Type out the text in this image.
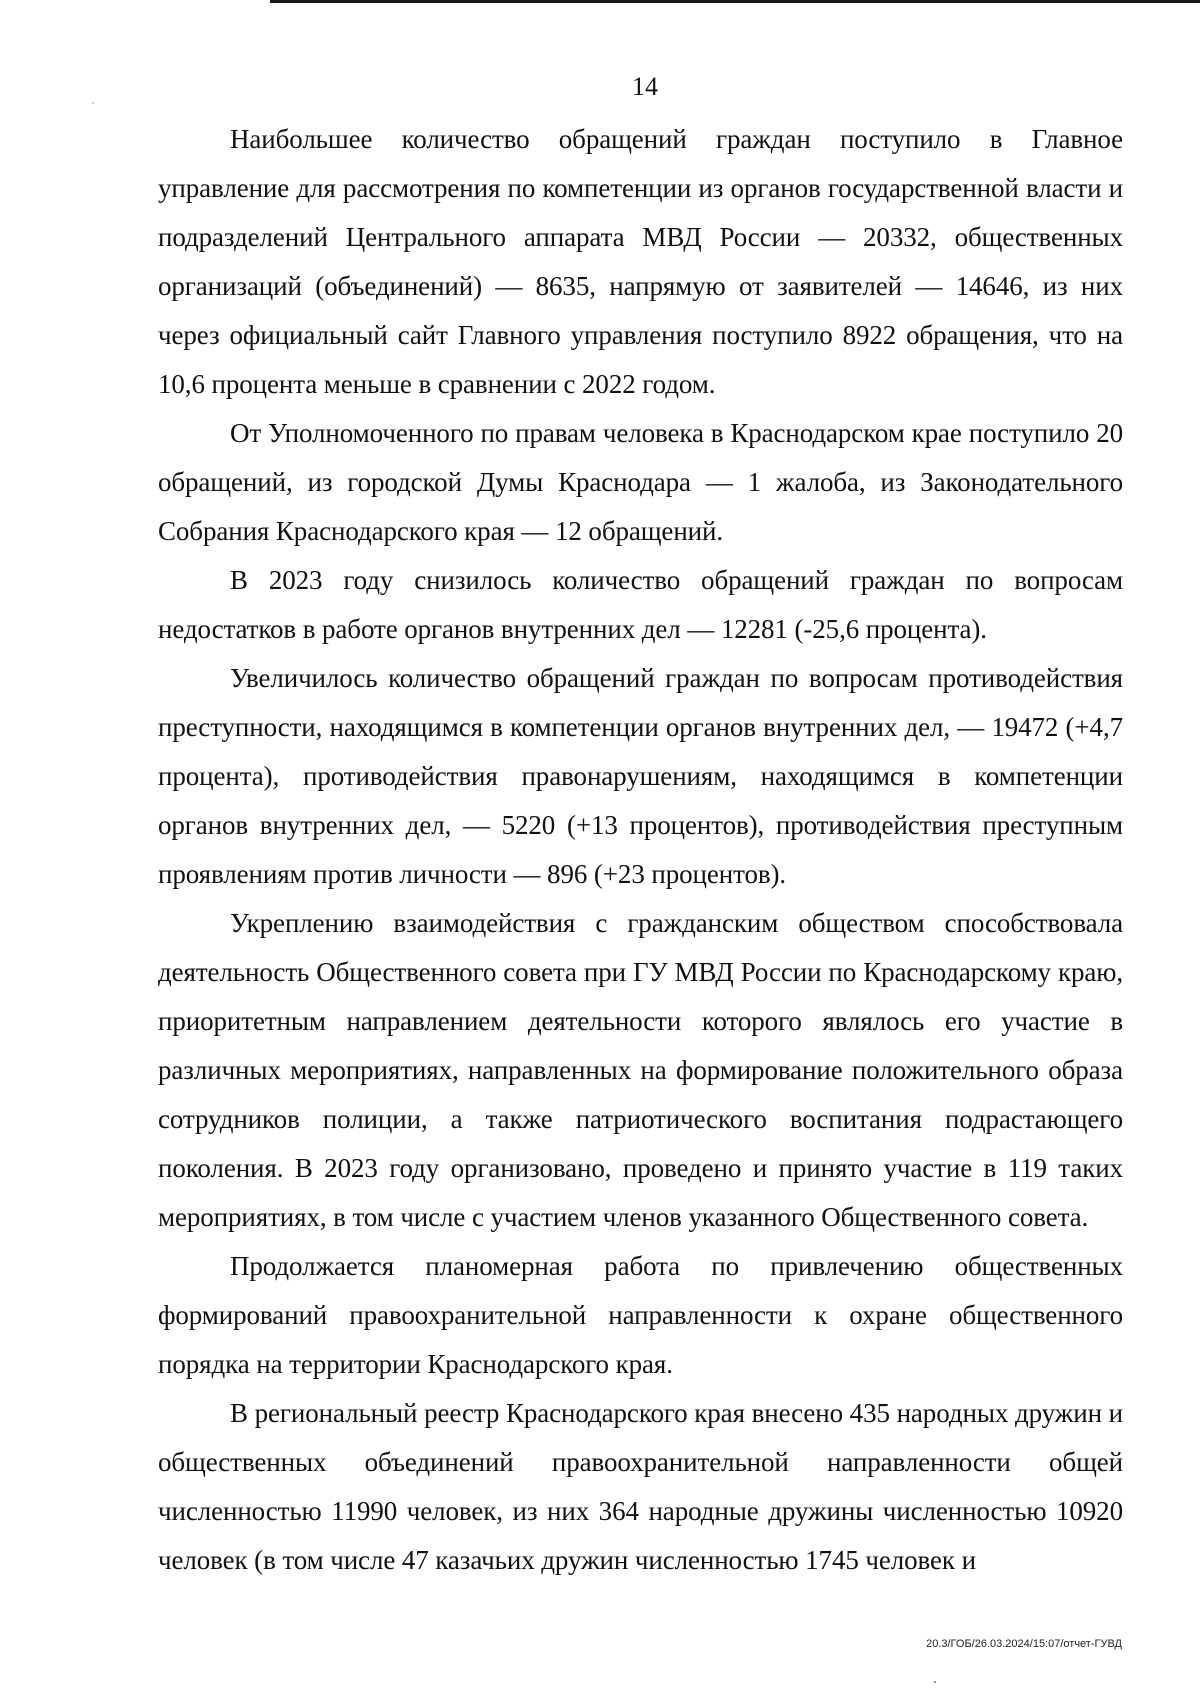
14

Наибольшее количество обращений граждан поступило в Главное управление для рассмотрения по компетенции из органов государственной власти и подразделений Центрального аппарата МВД России — 20332, общественных организаций (объединений) — 8635, напрямую от заявителей — 14646, из них через официальный сайт Главного управления поступило 8922 обращения, что на 10,6 процента меньше в сравнении с 2022 годом.

От Уполномоченного по правам человека в Краснодарском крае поступило 20 обращений, из городской Думы Краснодара — 1 жалоба, из Законодательного Собрания Краснодарского края — 12 обращений.

В 2023 году снизилось количество обращений граждан по вопросам недостатков в работе органов внутренних дел — 12281 (-25,6 процента).

Увеличилось количество обращений граждан по вопросам противодействия преступности, находящимся в компетенции органов внутренних дел, — 19472 (+4,7 процента), противодействия правонарушениям, находящимся в компетенции органов внутренних дел, — 5220 (+13 процентов), противодействия преступным проявлениям против личности — 896 (+23 процентов).

Укреплению взаимодействия с гражданским обществом способствовала деятельность Общественного совета при ГУ МВД России по Краснодарскому краю, приоритетным направлением деятельности которого являлось его участие в различных мероприятиях, направленных на формирование положительного образа сотрудников полиции, а также патриотического воспитания подрастающего поколения. В 2023 году организовано, проведено и принято участие в 119 таких мероприятиях, в том числе с участием членов указанного Общественного совета.

Продолжается планомерная работа по привлечению общественных формирований правоохранительной направленности к охране общественного порядка на территории Краснодарского края.

В региональный реестр Краснодарского края внесено 435 народных дружин и общественных объединений правоохранительной направленности общей численностью 11990 человек, из них 364 народные дружины численностью 10920 человек (в том числе 47 казачьих дружин численностью 1745 человек и

20.3/ГОБ/26.03.2024/15:07/отчет-ГУВД
